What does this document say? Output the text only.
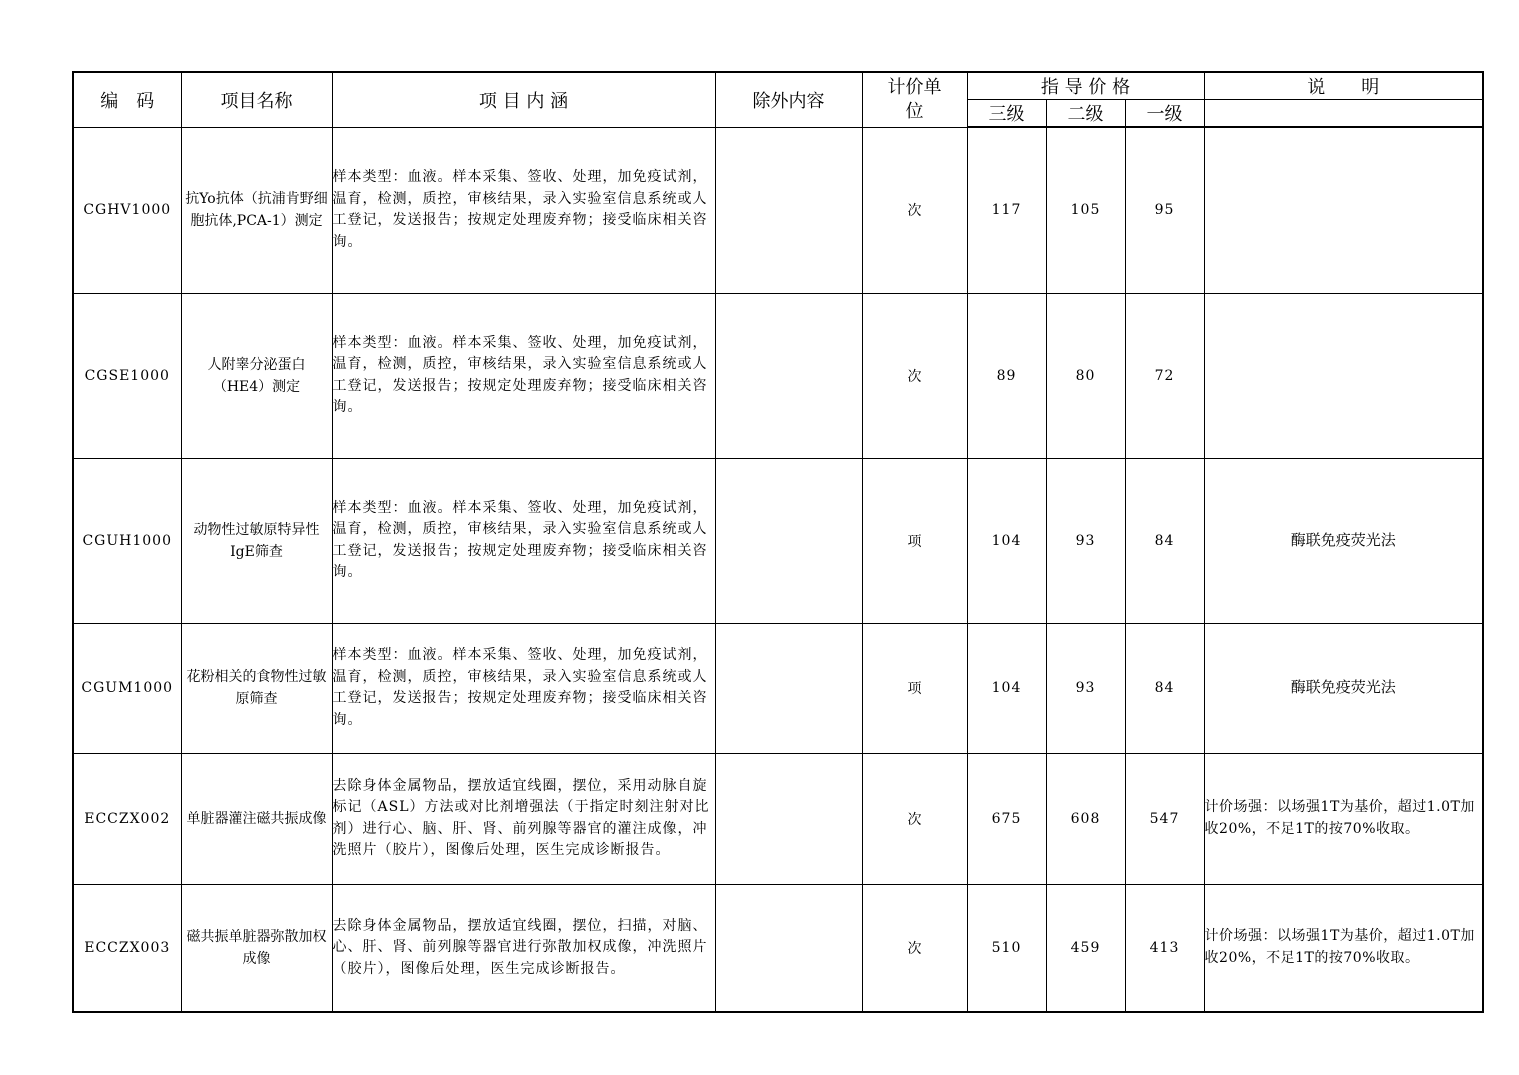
编　码	项目名称	项 目 内 涵	除外内容	计价单位	指 导 价 格			说　　明
					三级	二级	一级	
CGHV1000	抗Yo抗体（抗浦肯野细胞抗体,PCA-1）测定	样本类型：血液。样本采集、签收、处理，加免疫试剂，温育，检测，质控，审核结果，录入实验室信息系统或人工登记，发送报告；按规定处理废弃物；接受临床相关咨询。		次	117	105	95	
CGSE1000	人附睾分泌蛋白（HE4）测定	样本类型：血液。样本采集、签收、处理，加免疫试剂，温育，检测，质控，审核结果，录入实验室信息系统或人工登记，发送报告；按规定处理废弃物；接受临床相关咨询。		次	89	80	72	
CGUH1000	动物性过敏原特异性IgE筛查	样本类型：血液。样本采集、签收、处理，加免疫试剂，温育，检测，质控，审核结果，录入实验室信息系统或人工登记，发送报告；按规定处理废弃物；接受临床相关咨询。		项	104	93	84	酶联免疫荧光法
CGUM1000	花粉相关的食物性过敏原筛查	样本类型：血液。样本采集、签收、处理，加免疫试剂，温育，检测，质控，审核结果，录入实验室信息系统或人工登记，发送报告；按规定处理废弃物；接受临床相关咨询。		项	104	93	84	酶联免疫荧光法
ECCZX002	单脏器灌注磁共振成像	去除身体金属物品，摆放适宜线圈，摆位，采用动脉自旋标记（ASL）方法或对比剂增强法（于指定时刻注射对比剂）进行心、脑、肝、肾、前列腺等器官的灌注成像，冲洗照片（胶片），图像后处理，医生完成诊断报告。		次	675	608	547	计价场强：以场强1T为基价，超过1.0T加收20%，不足1T的按70%收取。
ECCZX003	磁共振单脏器弥散加权成像	去除身体金属物品，摆放适宜线圈，摆位，扫描，对脑、心、肝、肾、前列腺等器官进行弥散加权成像，冲洗照片（胶片），图像后处理，医生完成诊断报告。		次	510	459	413	计价场强：以场强1T为基价，超过1.0T加收20%，不足1T的按70%收取。
